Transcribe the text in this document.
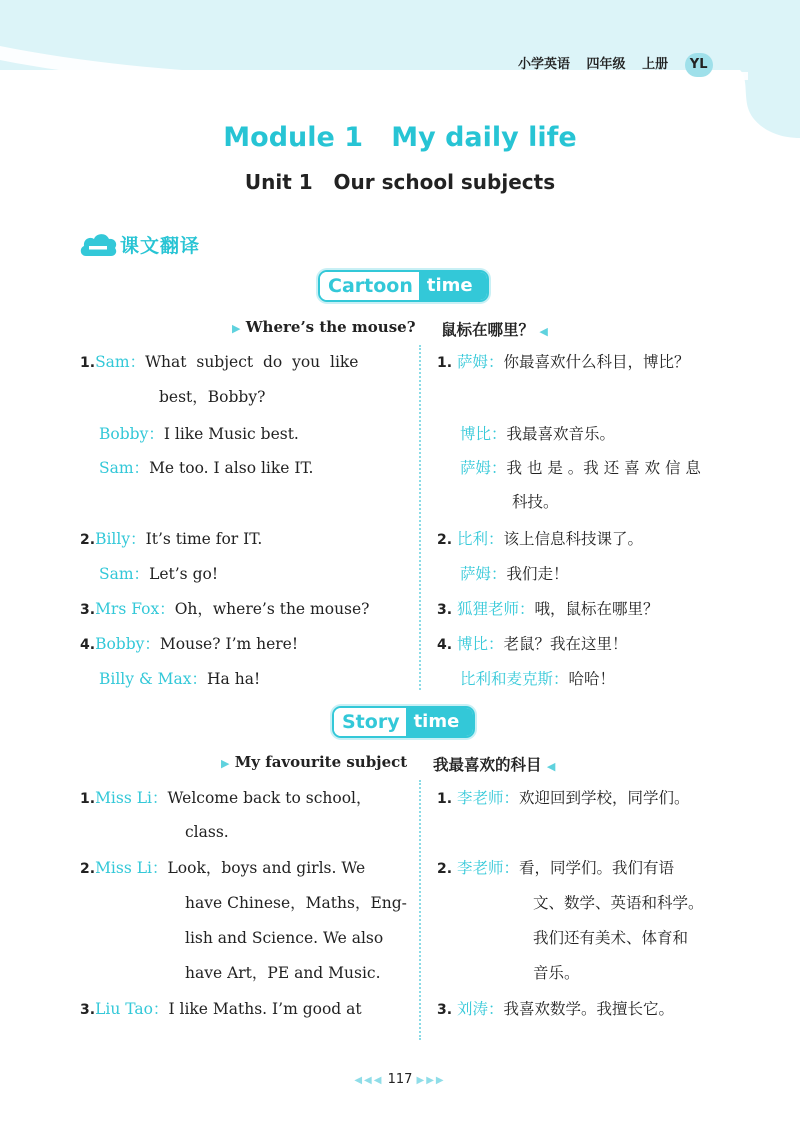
小学英语 四年级 上册 YL
Module 1   My daily life
Unit 1   Our school subjects
课文翻译
Cartoon time
▶ Where’s the mouse? 鼠标在哪里？ ◀
1.Sam：What  subject  do  you  like
best，Bobby?
Bobby：I like Music best.
Sam：Me too. I also like IT.
2.Billy：It’s time for IT.
Sam：Let’s go!
3.Mrs Fox：Oh，where’s the mouse?
4.Bobby：Mouse? I’m here!
Billy & Max：Ha ha!
1. 萨姆：你最喜欢什么科目，博比？
博比：我最喜欢音乐。
萨姆：我 也 是 。我 还 喜 欢 信 息
科技。
2. 比利：该上信息科技课了。
萨姆：我们走！
3. 狐狸老师：哦，鼠标在哪里？
4. 博比：老鼠？我在这里！
比利和麦克斯：哈哈！
Story time
▶ My favourite subject 我最喜欢的科目 ◀
1.Miss Li：Welcome back to school，
class.
2.Miss Li：Look，boys and girls. We
have Chinese，Maths，Eng-
lish and Science. We also
have Art，PE and Music.
3.Liu Tao：I like Maths. I’m good at
1. 李老师：欢迎回到学校，同学们。
2. 李老师：看，同学们。我们有语
文、数学、英语和科学。
我们还有美术、体育和
音乐。
3. 刘涛：我喜欢数学。我擅长它。
◀◀◀ 117 ▶▶▶
